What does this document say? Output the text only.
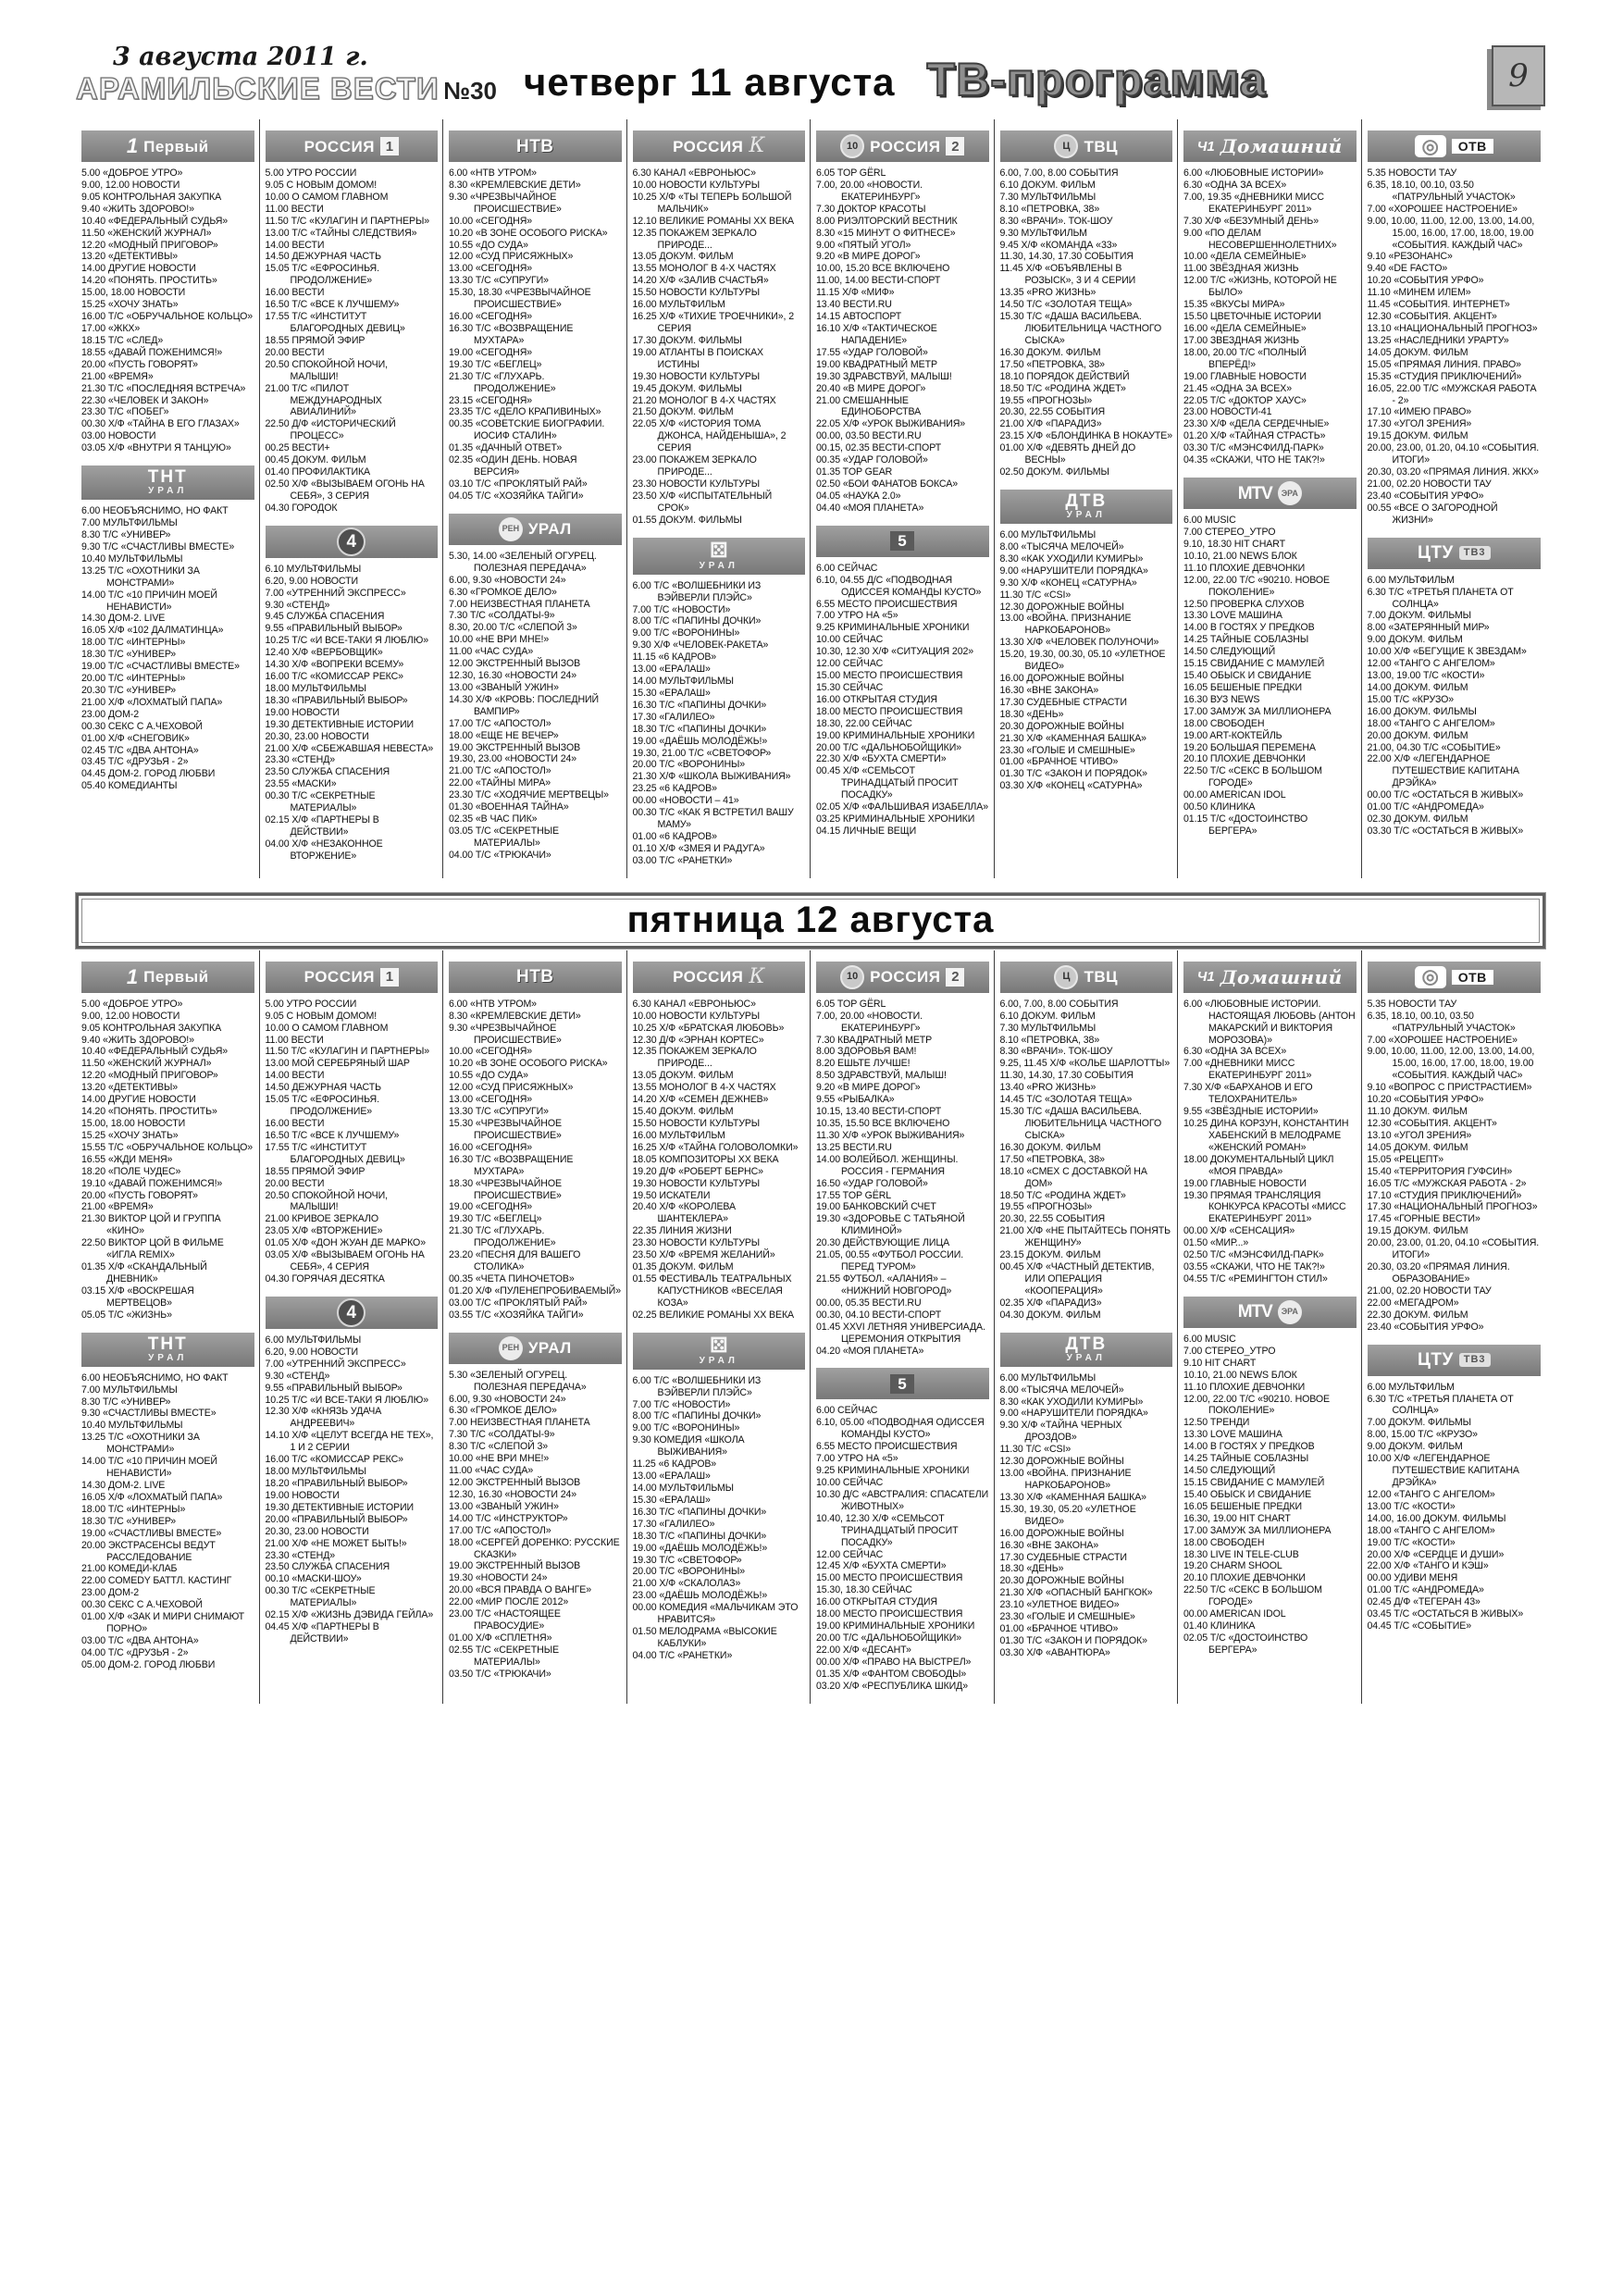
3 августа 2011 г.
АРАМИЛЬСКИЕ ВЕСТИ №30 четверг 11 августа ТВ-программа	9
1 Первый
5.00 «ДОБРОЕ УТРО»
9.00, 12.00 НОВОСТИ
9.05 КОНТРОЛЬНАЯ ЗАКУПКА
9.40 «ЖИТЬ ЗДОРОВО!»
10.40 «ФЕДЕРАЛЬНЫЙ СУДЬЯ»
11.50 «ЖЕНСКИЙ ЖУРНАЛ»
12.20 «МОДНЫЙ ПРИГОВОР»
13.20 «ДЕТЕКТИВЫ»
14.00 ДРУГИЕ НОВОСТИ
14.20 «ПОНЯТЬ. ПРОСТИТЬ»
15.00, 18.00 НОВОСТИ
15.25 «ХОЧУ ЗНАТЬ»
16.00 Т/С «ОБРУЧАЛЬНОЕ КОЛЬЦО»
17.00 «ЖКХ»
18.15 Т/С «СЛЕД»
18.55 «ДАВАЙ ПОЖЕНИМСЯ!»
20.00 «ПУСТЬ ГОВОРЯТ»
21.00 «ВРЕМЯ»
21.30 Т/С «ПОСЛЕДНЯЯ ВСТРЕЧА»
22.30 «ЧЕЛОВЕК И ЗАКОН»
23.30 Т/С «ПОБЕГ»
00.30 Х/Ф «ТАЙНА В ЕГО ГЛАЗАХ»
03.00 НОВОСТИ
03.05 Х/Ф «ВНУТРИ Я ТАНЦУЮ»
ТНТ
УРАЛ
6.00 НЕОБЪЯСНИМО, НО ФАКТ
7.00 МУЛЬТФИЛЬМЫ
8.30 Т/С «УНИВЕР»
9.30 Т/С «СЧАСТЛИВЫ ВМЕСТЕ»
10.40 МУЛЬТФИЛЬМЫ
13.25 Т/С «ОХОТНИКИ ЗА МОНСТРАМИ»
14.00 Т/С «10 ПРИЧИН МОЕЙ НЕНАВИСТИ»
14.30 ДОМ-2. LIVE
16.05 Х/Ф «102 ДАЛМАТИНЦА»
18.00 Т/С «ИНТЕРНЫ»
18.30 Т/С «УНИВЕР»
19.00 Т/С «СЧАСТЛИВЫ ВМЕСТЕ»
20.00 Т/С «ИНТЕРНЫ»
20.30 Т/С «УНИВЕР»
21.00 Х/Ф «ЛОХМАТЫЙ ПАПА»
23.00 ДОМ-2
00.30 СЕКС С А.ЧЕХОВОЙ
01.00 Х/Ф «СНЕГОВИК»
02.45 Т/С «ДВА АНТОНА»
03.45 Т/С «ДРУЗЬЯ - 2»
04.45 ДОМ-2. ГОРОД ЛЮБВИ
05.40 КОМЕДИАНТЫ
РОССИЯ 1
5.00 УТРО РОССИИ
9.05 С НОВЫМ ДОМОМ!
10.00 О САМОМ ГЛАВНОМ
11.00 ВЕСТИ
11.50 Т/С «КУЛАГИН И ПАРТНЕРЫ»
13.00 Т/С «ТАЙНЫ СЛЕДСТВИЯ»
14.00 ВЕСТИ
14.50 ДЕЖУРНАЯ ЧАСТЬ
15.05 Т/С «ЕФРОСИНЬЯ. ПРОДОЛЖЕНИЕ»
16.00 ВЕСТИ
16.50 Т/С «ВСЕ К ЛУЧШЕМУ»
17.55 Т/С «ИНСТИТУТ БЛАГОРОДНЫХ ДЕВИЦ»
18.55 ПРЯМОЙ ЭФИР
20.00 ВЕСТИ
20.50 СПОКОЙНОЙ НОЧИ, МАЛЫШИ!
21.00 Т/С «ПИЛОТ МЕЖДУНАРОДНЫХ АВИАЛИНИЙ»
22.50 Д/Ф «ИСТОРИЧЕСКИЙ ПРОЦЕСС»
00.25 ВЕСТИ+
00.45 ДОКУМ. ФИЛЬМ
01.40 ПРОФИЛАКТИКА
02.50 Х/Ф «ВЫЗЫВАЕМ ОГОНЬ НА СЕБЯ», 3 СЕРИЯ
04.30 ГОРОДОК
4
6.10 МУЛЬТФИЛЬМЫ
6.20, 9.00 НОВОСТИ
7.00 «УТРЕННИЙ ЭКСПРЕСС»
9.30 «СТЕНД»
9.45 СЛУЖБА СПАСЕНИЯ
9.55 «ПРАВИЛЬНЫЙ ВЫБОР»
10.25 Т/С «И ВСЕ-ТАКИ Я ЛЮБЛЮ»
12.40 Х/Ф «ВЕРБОВЩИК»
14.30 Х/Ф «ВОПРЕКИ ВСЕМУ»
16.00 Т/С «КОМИССАР РЕКС»
18.00 МУЛЬТФИЛЬМЫ
18.30 «ПРАВИЛЬНЫЙ ВЫБОР»
19.00 НОВОСТИ
19.30 ДЕТЕКТИВНЫЕ ИСТОРИИ
20.30, 23.00 НОВОСТИ
21.00 Х/Ф «СБЕЖАВШАЯ НЕВЕСТА»
23.30 «СТЕНД»
23.50 СЛУЖБА СПАСЕНИЯ
23.55 «МАСКИ»
00.30 Т/С «СЕКРЕТНЫЕ МАТЕРИАЛЫ»
02.15 Х/Ф «ПАРТНЕРЫ В ДЕЙСТВИИ»
04.00 Х/Ф «НЕЗАКОННОЕ ВТОРЖЕНИЕ»
НТВ
6.00 «НТВ УТРОМ»
8.30 «КРЕМЛЕВСКИЕ ДЕТИ»
9.30 «ЧРЕЗВЫЧАЙНОЕ ПРОИСШЕСТВИЕ»
10.00 «СЕГОДНЯ»
10.20 «В ЗОНЕ ОСОБОГО РИСКА»
10.55 «ДО СУДА»
12.00 «СУД ПРИСЯЖНЫХ»
13.00 «СЕГОДНЯ»
13.30 Т/С «СУПРУГИ»
15.30, 18.30 «ЧРЕЗВЫЧАЙНОЕ ПРОИСШЕСТВИЕ»
16.00 «СЕГОДНЯ»
16.30 Т/С «ВОЗВРАЩЕНИЕ МУХТАРА»
19.00 «СЕГОДНЯ»
19.30 Т/С «БЕГЛЕЦ»
21.30 Т/С «ГЛУХАРЬ. ПРОДОЛЖЕНИЕ»
23.15 «СЕГОДНЯ»
23.35 Т/С «ДЕЛО КРАПИВИНЫХ»
00.35 «СОВЕТСКИЕ БИОГРАФИИ. ИОСИФ СТАЛИН»
01.35 «ДАЧНЫЙ ОТВЕТ»
02.35 «ОДИН ДЕНЬ. НОВАЯ ВЕРСИЯ»
03.10 Т/С «ПРОКЛЯТЫЙ РАЙ»
04.05 Т/С «ХОЗЯЙКА ТАЙГИ»
РЕН УРАЛ
5.30, 14.00 «ЗЕЛЕНЫЙ ОГУРЕЦ. ПОЛЕЗНАЯ ПЕРЕДАЧА»
6.00, 9.30 «НОВОСТИ 24»
6.30 «ГРОМКОЕ ДЕЛО»
7.00 НЕИЗВЕСТНАЯ ПЛАНЕТА
7.30 Т/С «СОЛДАТЫ-9»
8.30, 20.00 Т/С «СЛЕПОЙ 3»
10.00 «НЕ ВРИ МНЕ!»
11.00 «ЧАС СУДА»
12.00 ЭКСТРЕННЫЙ ВЫЗОВ
12.30, 16.30 «НОВОСТИ 24»
13.00 «ЗВАНЫЙ УЖИН»
14.30 Х/Ф «КРОВЬ: ПОСЛЕДНИЙ ВАМПИР»
17.00 Т/С «АПОСТОЛ»
18.00 «ЕЩЕ НЕ ВЕЧЕР»
19.00 ЭКСТРЕННЫЙ ВЫЗОВ
19.30, 23.00 «НОВОСТИ 24»
21.00 Т/С «АПОСТОЛ»
22.00 «ТАЙНЫ МИРА»
23.30 Т/С «ХОДЯЧИЕ МЕРТВЕЦЫ»
01.30 «ВОЕННАЯ ТАЙНА»
02.35 «В ЧАС ПИК»
03.05 Т/С «СЕКРЕТНЫЕ МАТЕРИАЛЫ»
04.00 Т/С «ТРЮКАЧИ»
РОССИЯ К
6.30 КАНАЛ «ЕВРОНЬЮС»
10.00 НОВОСТИ КУЛЬТУРЫ
10.25 Х/Ф «ТЫ ТЕПЕРЬ БОЛЬШОЙ МАЛЬЧИК»
12.10 ВЕЛИКИЕ РОМАНЫ ХХ ВЕКА
12.35 ПОКАЖЕМ ЗЕРКАЛО ПРИРОДЕ...
13.05 ДОКУМ. ФИЛЬМ
13.55 МОНОЛОГ В 4-Х ЧАСТЯХ
14.20 Х/Ф «ЗАЛИВ СЧАСТЬЯ»
15.50 НОВОСТИ КУЛЬТУРЫ
16.00 МУЛЬТФИЛЬМ
16.25 Х/Ф «ТИХИЕ ТРОЕЧНИКИ», 2 СЕРИЯ
17.30 ДОКУМ. ФИЛЬМЫ
19.00 АТЛАНТЫ В ПОИСКАХ ИСТИНЫ
19.30 НОВОСТИ КУЛЬТУРЫ
19.45 ДОКУМ. ФИЛЬМЫ
21.20 МОНОЛОГ В 4-Х ЧАСТЯХ
21.50 ДОКУМ. ФИЛЬМ
22.05 Х/Ф «ИСТОРИЯ ТОМА ДЖОНСА, НАЙДЕНЫША», 2 СЕРИЯ
23.00 ПОКАЖЕМ ЗЕРКАЛО ПРИРОДЕ...
23.30 НОВОСТИ КУЛЬТУРЫ
23.50 Х/Ф «ИСПЫТАТЕЛЬНЫЙ СРОК»
01.55 ДОКУМ. ФИЛЬМЫ
⚄
УРАЛ
6.00 Т/С «ВОЛШЕБНИКИ ИЗ ВЭЙВЕРЛИ ПЛЭЙС»
7.00 Т/С «НОВОСТИ»
8.00 Т/С «ПАПИНЫ ДОЧКИ»
9.00 Т/С «ВОРОНИНЫ»
9.30 Х/Ф «ЧЕЛОВЕК-РАКЕТА»
11.15 «6 КАДРОВ»
13.00 «ЕРАЛАШ»
14.00 МУЛЬТФИЛЬМЫ
15.30 «ЕРАЛАШ»
16.30 Т/С «ПАПИНЫ ДОЧКИ»
17.30 «ГАЛИЛЕО»
18.30 Т/С «ПАПИНЫ ДОЧКИ»
19.00 «ДАЁШЬ МОЛОДЁЖЬ!»
19.30, 21.00 Т/С «СВЕТОФОР»
20.00 Т/С «ВОРОНИНЫ»
21.30 Х/Ф «ШКОЛА ВЫЖИВАНИЯ»
23.25 «6 КАДРОВ»
00.00 «НОВОСТИ – 41»
00.30 Т/С «КАК Я ВСТРЕТИЛ ВАШУ МАМУ»
01.00 «6 КАДРОВ»
01.10 Х/Ф «ЗМЕЯ И РАДУГА»
03.00 Т/С «РАНЕТКИ»
10 РОССИЯ 2
6.05 TOP GЁRL
7.00, 20.00 «НОВОСТИ. ЕКАТЕРИНБУРГ»
7.30 ДОКТОР КРАСОТЫ
8.00 РИЭЛТОРСКИЙ ВЕСТНИК
8.30 «15 МИНУТ О ФИТНЕСЕ»
9.00 «ПЯТЫЙ УГОЛ»
9.20 «В МИРЕ ДОРОГ»
10.00, 15.20 ВСЕ ВКЛЮЧЕНО
11.00, 14.00 ВЕСТИ-СПОРТ
11.15 Х/Ф «МИФ»
13.40 ВЕСТИ.RU
14.15 АВТОСПОРТ
16.10 Х/Ф «ТАКТИЧЕСКОЕ НАПАДЕНИЕ»
17.55 «УДАР ГОЛОВОЙ»
19.00 КВАДРАТНЫЙ МЕТР
19.30 ЗДРАВСТВУЙ, МАЛЫШ!
20.40 «В МИРЕ ДОРОГ»
21.00 СМЕШАННЫЕ ЕДИНОБОРСТВА
22.05 Х/Ф «УРОК ВЫЖИВАНИЯ»
00.00, 03.50 ВЕСТИ.RU
00.15, 02.35 ВЕСТИ-СПОРТ
00.35 «УДАР ГОЛОВОЙ»
01.35 TOP GEAR
02.50 «БОИ ФАНАТОВ БОКСА»
04.05 «НАУКА 2.0»
04.40 «МОЯ ПЛАНЕТА»
5
6.00 СЕЙЧАС
6.10, 04.55 Д/С «ПОДВОДНАЯ ОДИССЕЯ КОМАНДЫ КУСТО»
6.55 МЕСТО ПРОИСШЕСТВИЯ
7.00 УТРО НА «5»
9.25 КРИМИНАЛЬНЫЕ ХРОНИКИ
10.00 СЕЙЧАС
10.30, 12.30 Х/Ф «СИТУАЦИЯ 202»
12.00 СЕЙЧАС
15.00 МЕСТО ПРОИСШЕСТВИЯ
15.30 СЕЙЧАС
16.00 ОТКРЫТАЯ СТУДИЯ
18.00 МЕСТО ПРОИСШЕСТВИЯ
18.30, 22.00 СЕЙЧАС
19.00 КРИМИНАЛЬНЫЕ ХРОНИКИ
20.00 Т/С «ДАЛЬНОБОЙЩИКИ»
22.30 Х/Ф «БУХТА СМЕРТИ»
00.45 Х/Ф «СЕМЬСОТ ТРИНАДЦАТЫЙ ПРОСИТ ПОСАДКУ»
02.05 Х/Ф «ФАЛЬШИВАЯ ИЗАБЕЛЛА»
03.25 КРИМИНАЛЬНЫЕ ХРОНИКИ
04.15 ЛИЧНЫЕ ВЕЩИ
Ц ТВЦ
6.00, 7.00, 8.00 СОБЫТИЯ
6.10 ДОКУМ. ФИЛЬМ
7.30 МУЛЬТФИЛЬМЫ
8.10 «ПЕТРОВКА, 38»
8.30 «ВРАЧИ». ТОК-ШОУ
9.30 МУЛЬТФИЛЬМ
9.45 Х/Ф «КОМАНДА «33»
11.30, 14.30, 17.30 СОБЫТИЯ
11.45 Х/Ф «ОБЪЯВЛЕНЫ В РОЗЫСК», 3 И 4 СЕРИИ
13.35 «PRO ЖИЗНЬ»
14.50 Т/С «ЗОЛОТАЯ ТЕЩА»
15.30 Т/С «ДАША ВАСИЛЬЕВА. ЛЮБИТЕЛЬНИЦА ЧАСТНОГО СЫСКА»
16.30 ДОКУМ. ФИЛЬМ
17.50 «ПЕТРОВКА, 38»
18.10 ПОРЯДОК ДЕЙСТВИЙ
18.50 Т/С «РОДИНА ЖДЕТ»
19.55 «ПРОГНОЗЫ»
20.30, 22.55 СОБЫТИЯ
21.00 Х/Ф «ПАРАДИЗ»
23.15 Х/Ф «БЛОНДИНКА В НОКАУТЕ»
01.00 Х/Ф «ДЕВЯТЬ ДНЕЙ ДО ВЕСНЫ»
02.50 ДОКУМ. ФИЛЬМЫ
ДТВ
УРАЛ
6.00 МУЛЬТФИЛЬМЫ
8.00 «ТЫСЯЧА МЕЛОЧЕЙ»
8.30 «КАК УХОДИЛИ КУМИРЫ»
9.00 «НАРУШИТЕЛИ ПОРЯДКА»
9.30 Х/Ф «КОНЕЦ «САТУРНА»
11.30 Т/С «CSI»
12.30 ДОРОЖНЫЕ ВОЙНЫ
13.00 «ВОЙНА. ПРИЗНАНИЕ НАРКОБАРОНОВ»
13.30 Х/Ф «ЧЕЛОВЕК ПОЛУНОЧИ»
15.20, 19.30, 00.30, 05.10 «УЛЕТНОЕ ВИДЕО»
16.00 ДОРОЖНЫЕ ВОЙНЫ
16.30 «ВНЕ ЗАКОНА»
17.30 СУДЕБНЫЕ СТРАСТИ
18.30 «ДЕНЬ»
20.30 ДОРОЖНЫЕ ВОЙНЫ
21.30 Х/Ф «КАМЕННАЯ БАШКА»
23.30 «ГОЛЫЕ И СМЕШНЫЕ»
01.00 «БРАЧНОЕ ЧТИВО»
01.30 Т/С «ЗАКОН И ПОРЯДОК»
03.30 Х/Ф «КОНЕЦ «САТУРНА»
Ч1 Домашний
6.00 «ЛЮБОВНЫЕ ИСТОРИИ»
6.30 «ОДНА ЗА ВСЕХ»
7.00, 19.35 «ДНЕВНИКИ МИСС ЕКАТЕРИНБУРГ 2011»
7.30 Х/Ф «БЕЗУМНЫЙ ДЕНЬ»
9.00 «ПО ДЕЛАМ НЕСОВЕРШЕННОЛЕТНИХ»
10.00 «ДЕЛА СЕМЕЙНЫЕ»
11.00 ЗВЁЗДНАЯ ЖИЗНЬ
12.00 Т/С «ЖИЗНЬ, КОТОРОЙ НЕ БЫЛО»
15.35 «ВКУСЫ МИРА»
15.50 ЦВЕТОЧНЫЕ ИСТОРИИ
16.00 «ДЕЛА СЕМЕЙНЫЕ»
17.00 ЗВЕЗДНАЯ ЖИЗНЬ
18.00, 20.00 Т/С «ПОЛНЫЙ ВПЕРЁД!»
19.00 ГЛАВНЫЕ НОВОСТИ
21.45 «ОДНА ЗА ВСЕХ»
22.05 Т/С «ДОКТОР ХАУС»
23.00 НОВОСТИ-41
23.30 Х/Ф «ДЕЛА СЕРДЕЧНЫЕ»
01.20 Х/Ф «ТАЙНАЯ СТРАСТЬ»
03.30 Т/С «МЭНСФИЛД-ПАРК»
04.35 «СКАЖИ, ЧТО НЕ ТАК?!»
MTV	ЭРА
6.00 MUSIC
7.00 СТЕРЕО_УТРО
9.10, 18.30 HIT CHART
10.10, 21.00 NEWS БЛОК
11.10 ПЛОХИЕ ДЕВЧОНКИ
12.00, 22.00 Т/С «90210. НОВОЕ ПОКОЛЕНИЕ»
12.50 ПРОВЕРКА СЛУХОВ
13.30 LOVE МАШИНА
14.00 В ГОСТЯХ У ПРЕДКОВ
14.25 ТАЙНЫЕ СОБЛАЗНЫ
14.50 СЛЕДУЮЩИЙ
15.15 СВИДАНИЕ С МАМУЛЕЙ
15.40 ОБЫСК И СВИДАНИЕ
16.05 БЕШЕНЫЕ ПРЕДКИ
16.30 ВУЗ NEWS
17.00 ЗАМУЖ ЗА МИЛЛИОНЕРА
18.00 СВОБОДЕН
19.00 ART-КОКТЕЙЛЬ
19.20 БОЛЬШАЯ ПЕРЕМЕНА
20.10 ПЛОХИЕ ДЕВЧОНКИ
22.50 Т/С «СЕКС В БОЛЬШОМ ГОРОДЕ»
00.00 AMERICAN IDOL
00.50 КЛИНИКА
01.15 Т/С «ДОСТОИНСТВО БЕРГЕРА»
◎	ОТВ
5.35 НОВОСТИ ТАУ
6.35, 18.10, 00.10, 03.50 «ПАТРУЛЬНЫЙ УЧАСТОК»
7.00 «ХОРОШЕЕ НАСТРОЕНИЕ»
9.00, 10.00, 11.00, 12.00, 13.00, 14.00, 15.00, 16.00, 17.00, 18.00, 19.00 «СОБЫТИЯ. КАЖДЫЙ ЧАС»
9.10 «РЕЗОНАНС»
9.40 «DE FACTO»
10.20 «СОБЫТИЯ УРФО»
11.10 «МИНЕМ ИЛЕМ»
11.45 «СОБЫТИЯ. ИНТЕРНЕТ»
12.30 «СОБЫТИЯ. АКЦЕНТ»
13.10 «НАЦИОНАЛЬНЫЙ ПРОГНОЗ»
13.25 «НАСЛЕДНИКИ УРАРТУ»
14.05 ДОКУМ. ФИЛЬМ
15.05 «ПРЯМАЯ ЛИНИЯ. ПРАВО»
15.35 «СТУДИЯ ПРИКЛЮЧЕНИЙ»
16.05, 22.00 Т/С «МУЖСКАЯ РАБОТА - 2»
17.10 «ИМЕЮ ПРАВО»
17.30 «УГОЛ ЗРЕНИЯ»
19.15 ДОКУМ. ФИЛЬМ
20.00, 23.00, 01.20, 04.10 «СОБЫТИЯ. ИТОГИ»
20.30, 03.20 «ПРЯМАЯ ЛИНИЯ. ЖКХ»
21.00, 02.20 НОВОСТИ ТАУ
23.40 «СОБЫТИЯ УРФО»
00.55 «ВСЕ О ЗАГОРОДНОЙ ЖИЗНИ»
ЦТУ	ТВ3
6.00 МУЛЬТФИЛЬМ
6.30 Т/С «ТРЕТЬЯ ПЛАНЕТА ОТ СОЛНЦА»
7.00 ДОКУМ. ФИЛЬМЫ
8.00 «ЗАТЕРЯННЫЙ МИР»
9.00 ДОКУМ. ФИЛЬМ
10.00 Х/Ф «БЕГУЩИЕ К ЗВЕЗДАМ»
12.00 «ТАНГО С АНГЕЛОМ»
13.00, 19.00 Т/С «КОСТИ»
14.00 ДОКУМ. ФИЛЬМ
15.00 Т/С «КРУЗО»
16.00 ДОКУМ. ФИЛЬМЫ
18.00 «ТАНГО С АНГЕЛОМ»
20.00 ДОКУМ. ФИЛЬМ
21.00, 04.30 Т/С «СОБЫТИЕ»
22.00 Х/Ф «ЛЕГЕНДАРНОЕ ПУТЕШЕСТВИЕ КАПИТАНА ДРЭЙКА»
00.00 Т/С «ОСТАТЬСЯ В ЖИВЫХ»
01.00 Т/С «АНДРОМЕДА»
02.30 ДОКУМ. ФИЛЬМ
03.30 Т/С «ОСТАТЬСЯ В ЖИВЫХ»
пятница 12 августа
1 Первый
5.00 «ДОБРОЕ УТРО»
9.00, 12.00 НОВОСТИ
9.05 КОНТРОЛЬНАЯ ЗАКУПКА
9.40 «ЖИТЬ ЗДОРОВО!»
10.40 «ФЕДЕРАЛЬНЫЙ СУДЬЯ»
11.50 «ЖЕНСКИЙ ЖУРНАЛ»
12.20 «МОДНЫЙ ПРИГОВОР»
13.20 «ДЕТЕКТИВЫ»
14.00 ДРУГИЕ НОВОСТИ
14.20 «ПОНЯТЬ. ПРОСТИТЬ»
15.00, 18.00 НОВОСТИ
15.25 «ХОЧУ ЗНАТЬ»
15.55 Т/С «ОБРУЧАЛЬНОЕ КОЛЬЦО»
16.55 «ЖДИ МЕНЯ»
18.20 «ПОЛЕ ЧУДЕС»
19.10 «ДАВАЙ ПОЖЕНИМСЯ!»
20.00 «ПУСТЬ ГОВОРЯТ»
21.00 «ВРЕМЯ»
21.30 ВИКТОР ЦОЙ И ГРУППА «КИНО»
22.50 ВИКТОР ЦОЙ В ФИЛЬМЕ «ИГЛА REMIX»
01.35 Х/Ф «СКАНДАЛЬНЫЙ ДНЕВНИК»
03.15 Х/Ф «ВОСКРЕШАЯ МЕРТВЕЦОВ»
05.05 Т/С «ЖИЗНЬ»
ТНТ
УРАЛ
6.00 НЕОБЪЯСНИМО, НО ФАКТ
7.00 МУЛЬТФИЛЬМЫ
8.30 Т/С «УНИВЕР»
9.30 «СЧАСТЛИВЫ ВМЕСТЕ»
10.40 МУЛЬТФИЛЬМЫ
13.25 Т/С «ОХОТНИКИ ЗА МОНСТРАМИ»
14.00 Т/С «10 ПРИЧИН МОЕЙ НЕНАВИСТИ»
14.30 ДОМ-2. LIVE
16.05 Х/Ф «ЛОХМАТЫЙ ПАПА»
18.00 Т/С «ИНТЕРНЫ»
18.30 Т/С «УНИВЕР»
19.00 «СЧАСТЛИВЫ ВМЕСТЕ»
20.00 ЭКСТРАСЕНСЫ ВЕДУТ РАССЛЕДОВАНИЕ
21.00 КОМЕДИ-КЛАБ
22.00 COMEDY БАТТЛ. КАСТИНГ
23.00 ДОМ-2
00.30 СЕКС С А.ЧЕХОВОЙ
01.00 Х/Ф «ЗАК И МИРИ СНИМАЮТ ПОРНО»
03.00 Т/С «ДВА АНТОНА»
04.00 Т/С «ДРУЗЬЯ - 2»
05.00 ДОМ-2. ГОРОД ЛЮБВИ
РОССИЯ 1
5.00 УТРО РОССИИ
9.05 С НОВЫМ ДОМОМ!
10.00 О САМОМ ГЛАВНОМ
11.00 ВЕСТИ
11.50 Т/С «КУЛАГИН И ПАРТНЕРЫ»
13.00 МОЙ СЕРЕБРЯНЫЙ ШАР
14.00 ВЕСТИ
14.50 ДЕЖУРНАЯ ЧАСТЬ
15.05 Т/С «ЕФРОСИНЬЯ. ПРОДОЛЖЕНИЕ»
16.00 ВЕСТИ
16.50 Т/С «ВСЕ К ЛУЧШЕМУ»
17.55 Т/С «ИНСТИТУТ БЛАГОРОДНЫХ ДЕВИЦ»
18.55 ПРЯМОЙ ЭФИР
20.00 ВЕСТИ
20.50 СПОКОЙНОЙ НОЧИ, МАЛЫШИ!
21.00 КРИВОЕ ЗЕРКАЛО
23.05 Х/Ф «ВТОРЖЕНИЕ»
01.05 Х/Ф «ДОН ЖУАН ДЕ МАРКО»
03.05 Х/Ф «ВЫЗЫВАЕМ ОГОНЬ НА СЕБЯ», 4 СЕРИЯ
04.30 ГОРЯЧАЯ ДЕСЯТКА
4
6.00 МУЛЬТФИЛЬМЫ
6.20, 9.00 НОВОСТИ
7.00 «УТРЕННИЙ ЭКСПРЕСС»
9.30 «СТЕНД»
9.55 «ПРАВИЛЬНЫЙ ВЫБОР»
10.25 Т/С «И ВСЕ-ТАКИ Я ЛЮБЛЮ»
12.30 Х/Ф «КНЯЗЬ УДАЧА АНДРЕЕВИЧ»
14.10 Х/Ф «ЦЕЛУТ ВСЕГДА НЕ ТЕХ», 1 И 2 СЕРИИ
16.00 Т/С «КОМИССАР РЕКС»
18.00 МУЛЬТФИЛЬМЫ
18.20 «ПРАВИЛЬНЫЙ ВЫБОР»
19.00 НОВОСТИ
19.30 ДЕТЕКТИВНЫЕ ИСТОРИИ
20.00 «ПРАВИЛЬНЫЙ ВЫБОР»
20.30, 23.00 НОВОСТИ
21.00 Х/Ф «НЕ МОЖЕТ БЫТЬ!»
23.30 «СТЕНД»
23.50 СЛУЖБА СПАСЕНИЯ
00.10 «МАСКИ-ШОУ»
00.30 Т/С «СЕКРЕТНЫЕ МАТЕРИАЛЫ»
02.15 Х/Ф «ЖИЗНЬ ДЭВИДА ГЕЙЛА»
04.45 Х/Ф «ПАРТНЕРЫ В ДЕЙСТВИИ»
НТВ
6.00 «НТВ УТРОМ»
8.30 «КРЕМЛЕВСКИЕ ДЕТИ»
9.30 «ЧРЕЗВЫЧАЙНОЕ ПРОИСШЕСТВИЕ»
10.00 «СЕГОДНЯ»
10.20 «В ЗОНЕ ОСОБОГО РИСКА»
10.55 «ДО СУДА»
12.00 «СУД ПРИСЯЖНЫХ»
13.00 «СЕГОДНЯ»
13.30 Т/С «СУПРУГИ»
15.30 «ЧРЕЗВЫЧАЙНОЕ ПРОИСШЕСТВИЕ»
16.00 «СЕГОДНЯ»
16.30 Т/С «ВОЗВРАЩЕНИЕ МУХТАРА»
18.30 «ЧРЕЗВЫЧАЙНОЕ ПРОИСШЕСТВИЕ»
19.00 «СЕГОДНЯ»
19.30 Т/С «БЕГЛЕЦ»
21.30 Т/С «ГЛУХАРЬ. ПРОДОЛЖЕНИЕ»
23.20 «ПЕСНЯ ДЛЯ ВАШЕГО СТОЛИКА»
00.35 «ЧЕТА ПИНОЧЕТОВ»
01.20 Х/Ф «ПУЛЕНЕПРОБИВАЕМЫЙ»
03.00 Т/С «ПРОКЛЯТЫЙ РАЙ»
03.55 Т/С «ХОЗЯЙКА ТАЙГИ»
РЕН УРАЛ
5.30 «ЗЕЛЕНЫЙ ОГУРЕЦ. ПОЛЕЗНАЯ ПЕРЕДАЧА»
6.00, 9.30 «НОВОСТИ 24»
6.30 «ГРОМКОЕ ДЕЛО»
7.00 НЕИЗВЕСТНАЯ ПЛАНЕТА
7.30 Т/С «СОЛДАТЫ-9»
8.30 Т/С «СЛЕПОЙ 3»
10.00 «НЕ ВРИ МНЕ!»
11.00 «ЧАС СУДА»
12.00 ЭКСТРЕННЫЙ ВЫЗОВ
12.30, 16.30 «НОВОСТИ 24»
13.00 «ЗВАНЫЙ УЖИН»
14.00 Т/С «ИНСТРУКТОР»
17.00 Т/С «АПОСТОЛ»
18.00 «СЕРГЕЙ ДОРЕНКО: РУССКИЕ СКАЗКИ»
19.00 ЭКСТРЕННЫЙ ВЫЗОВ
19.30 «НОВОСТИ 24»
20.00 «ВСЯ ПРАВДА О ВАНГЕ»
22.00 «МИР ПОСЛЕ 2012»
23.00 Т/С «НАСТОЯЩЕЕ ПРАВОСУДИЕ»
01.00 Х/Ф «СПЛЕТНЯ»
02.55 Т/С «СЕКРЕТНЫЕ МАТЕРИАЛЫ»
03.50 Т/С «ТРЮКАЧИ»
РОССИЯ К
6.30 КАНАЛ «ЕВРОНЬЮС»
10.00 НОВОСТИ КУЛЬТУРЫ
10.25 Х/Ф «БРАТСКАЯ ЛЮБОВЬ»
12.30 Д/Ф «ЭРНАН КОРТЕС»
12.35 ПОКАЖЕМ ЗЕРКАЛО ПРИРОДЕ...
13.05 ДОКУМ. ФИЛЬМ
13.55 МОНОЛОГ В 4-Х ЧАСТЯХ
14.20 Х/Ф «СЕМЕН ДЕЖНЕВ»
15.40 ДОКУМ. ФИЛЬМ
15.50 НОВОСТИ КУЛЬТУРЫ
16.00 МУЛЬТФИЛЬМ
16.25 Х/Ф «ТАЙНА ГОЛОВОЛОМКИ»
18.05 КОМПОЗИТОРЫ ХХ ВЕКА
19.20 Д/Ф «РОБЕРТ БЕРНС»
19.30 НОВОСТИ КУЛЬТУРЫ
19.50 ИСКАТЕЛИ
20.40 Х/Ф «КОРОЛЕВА ШАНТЕКЛЕРА»
22.35 ЛИНИЯ ЖИЗНИ
23.30 НОВОСТИ КУЛЬТУРЫ
23.50 Х/Ф «ВРЕМЯ ЖЕЛАНИЙ»
01.35 ДОКУМ. ФИЛЬМ
01.55 ФЕСТИВАЛЬ ТЕАТРАЛЬНЫХ КАПУСТНИКОВ «ВЕСЕЛАЯ КОЗА»
02.25 ВЕЛИКИЕ РОМАНЫ ХХ ВЕКА
⚄
УРАЛ
6.00 Т/С «ВОЛШЕБНИКИ ИЗ ВЭЙВЕРЛИ ПЛЭЙС»
7.00 Т/С «НОВОСТИ»
8.00 Т/С «ПАПИНЫ ДОЧКИ»
9.00 Т/С «ВОРОНИНЫ»
9.30 КОМЕДИЯ «ШКОЛА ВЫЖИВАНИЯ»
11.25 «6 КАДРОВ»
13.00 «ЕРАЛАШ»
14.00 МУЛЬТФИЛЬМЫ
15.30 «ЕРАЛАШ»
16.30 Т/С «ПАПИНЫ ДОЧКИ»
17.30 «ГАЛИЛЕО»
18.30 Т/С «ПАПИНЫ ДОЧКИ»
19.00 «ДАЁШЬ МОЛОДЁЖЬ!»
19.30 Т/С «СВЕТОФОР»
20.00 Т/С «ВОРОНИНЫ»
21.00 Х/Ф «СКАЛОЛАЗ»
23.00 «ДАЁШЬ МОЛОДЁЖЬ!»
00.00 КОМЕДИЯ «МАЛЬЧИКАМ ЭТО НРАВИТСЯ»
01.50 МЕЛОДРАМА «ВЫСОКИЕ КАБЛУКИ»
04.00 Т/С «РАНЕТКИ»
10 РОССИЯ 2
6.05 TOP GЁRL
7.00, 20.00 «НОВОСТИ. ЕКАТЕРИНБУРГ»
7.30 КВАДРАТНЫЙ МЕТР
8.00 ЗДОРОВЬЯ ВАМ!
8.20 ЕШЬТЕ ЛУЧШЕ!
8.50 ЗДРАВСТВУЙ, МАЛЫШ!
9.20 «В МИРЕ ДОРОГ»
9.55 «РЫБАЛКА»
10.15, 13.40 ВЕСТИ-СПОРТ
10.35, 15.50 ВСЕ ВКЛЮЧЕНО
11.30 Х/Ф «УРОК ВЫЖИВАНИЯ»
13.25 ВЕСТИ.RU
14.00 ВОЛЕЙБОЛ. ЖЕНЩИНЫ. РОССИЯ - ГЕРМАНИЯ
16.50 «УДАР ГОЛОВОЙ»
17.55 TOP GЁRL
19.00 БАНКОВСКИЙ СЧЕТ
19.30 «ЗДОРОВЬЕ С ТАТЬЯНОЙ КЛИМИНОЙ»
20.30 ДЕЙСТВУЮЩИЕ ЛИЦА
21.05, 00.55 «ФУТБОЛ РОССИИ. ПЕРЕД ТУРОМ»
21.55 ФУТБОЛ. «АЛАНИЯ» – «НИЖНИЙ НОВГОРОД»
00.00, 05.35 ВЕСТИ.RU
00.30, 04.10 ВЕСТИ-СПОРТ
01.45 XXVI ЛЕТНЯЯ УНИВЕРСИАДА. ЦЕРЕМОНИЯ ОТКРЫТИЯ
04.20 «МОЯ ПЛАНЕТА»
5
6.00 СЕЙЧАС
6.10, 05.00 «ПОДВОДНАЯ ОДИССЕЯ КОМАНДЫ КУСТО»
6.55 МЕСТО ПРОИСШЕСТВИЯ
7.00 УТРО НА «5»
9.25 КРИМИНАЛЬНЫЕ ХРОНИКИ
10.00 СЕЙЧАС
10.30 Д/С «АВСТРАЛИЯ: СПАСАТЕЛИ ЖИВОТНЫХ»
10.40, 12.30 Х/Ф «СЕМЬСОТ ТРИНАДЦАТЫЙ ПРОСИТ ПОСАДКУ»
12.00 СЕЙЧАС
12.45 Х/Ф «БУХТА СМЕРТИ»
15.00 МЕСТО ПРОИСШЕСТВИЯ
15.30, 18.30 СЕЙЧАС
16.00 ОТКРЫТАЯ СТУДИЯ
18.00 МЕСТО ПРОИСШЕСТВИЯ
19.00 КРИМИНАЛЬНЫЕ ХРОНИКИ
20.00 Т/С «ДАЛЬНОБОЙЩИКИ»
22.00 Х/Ф «ДЕСАНТ»
00.00 Х/Ф «ПРАВО НА ВЫСТРЕЛ»
01.35 Х/Ф «ФАНТОМ СВОБОДЫ»
03.20 Х/Ф «РЕСПУБЛИКА ШКИД»
Ц ТВЦ
6.00, 7.00, 8.00 СОБЫТИЯ
6.10 ДОКУМ. ФИЛЬМ
7.30 МУЛЬТФИЛЬМЫ
8.10 «ПЕТРОВКА, 38»
8.30 «ВРАЧИ». ТОК-ШОУ
9.25, 11.45 Х/Ф «КОЛЬЕ ШАРЛОТТЫ»
11.30, 14.30, 17.30 СОБЫТИЯ
13.40 «PRO ЖИЗНЬ»
14.45 Т/С «ЗОЛОТАЯ ТЕЩА»
15.30 Т/С «ДАША ВАСИЛЬЕВА. ЛЮБИТЕЛЬНИЦА ЧАСТНОГО СЫСКА»
16.30 ДОКУМ. ФИЛЬМ
17.50 «ПЕТРОВКА, 38»
18.10 «СМЕХ С ДОСТАВКОЙ НА ДОМ»
18.50 Т/С «РОДИНА ЖДЕТ»
19.55 «ПРОГНОЗЫ»
20.30, 22.55 СОБЫТИЯ
21.00 Х/Ф «НЕ ПЫТАЙТЕСЬ ПОНЯТЬ ЖЕНЩИНУ»
23.15 ДОКУМ. ФИЛЬМ
00.45 Х/Ф «ЧАСТНЫЙ ДЕТЕКТИВ, ИЛИ ОПЕРАЦИЯ «КООПЕРАЦИЯ»
02.35 Х/Ф «ПАРАДИЗ»
04.30 ДОКУМ. ФИЛЬМ
ДТВ
УРАЛ
6.00 МУЛЬТФИЛЬМЫ
8.00 «ТЫСЯЧА МЕЛОЧЕЙ»
8.30 «КАК УХОДИЛИ КУМИРЫ»
9.00 «НАРУШИТЕЛИ ПОРЯДКА»
9.30 Х/Ф «ТАЙНА ЧЕРНЫХ ДРОЗДОВ»
11.30 Т/С «CSI»
12.30 ДОРОЖНЫЕ ВОЙНЫ
13.00 «ВОЙНА. ПРИЗНАНИЕ НАРКОБАРОНОВ»
13.30 Х/Ф «КАМЕННАЯ БАШКА»
15.30, 19.30, 05.20 «УЛЕТНОЕ ВИДЕО»
16.00 ДОРОЖНЫЕ ВОЙНЫ
16.30 «ВНЕ ЗАКОНА»
17.30 СУДЕБНЫЕ СТРАСТИ
18.30 «ДЕНЬ»
20.30 ДОРОЖНЫЕ ВОЙНЫ
21.30 Х/Ф «ОПАСНЫЙ БАНГКОК»
23.10 «УЛЕТНОЕ ВИДЕО»
23.30 «ГОЛЫЕ И СМЕШНЫЕ»
01.00 «БРАЧНОЕ ЧТИВО»
01.30 Т/С «ЗАКОН И ПОРЯДОК»
03.30 Х/Ф «АВАНТЮРА»
Ч1 Домашний
6.00 «ЛЮБОВНЫЕ ИСТОРИИ. НАСТОЯЩАЯ ЛЮБОВЬ (АНТОН МАКАРСКИЙ И ВИКТОРИЯ МОРОЗОВА)»
6.30 «ОДНА ЗА ВСЕХ»
7.00 «ДНЕВНИКИ МИСС ЕКАТЕРИНБУРГ 2011»
7.30 Х/Ф «БАРХАНОВ И ЕГО ТЕЛОХРАНИТЕЛЬ»
9.55 «ЗВЁЗДНЫЕ ИСТОРИИ»
10.25 ДИНА КОРЗУН, КОНСТАНТИН ХАБЕНСКИЙ В МЕЛОДРАМЕ «ЖЕНСКИЙ РОМАН»
18.00 ДОКУМЕНТАЛЬНЫЙ ЦИКЛ «МОЯ ПРАВДА»
19.00 ГЛАВНЫЕ НОВОСТИ
19.30 ПРЯМАЯ ТРАНСЛЯЦИЯ КОНКУРСА КРАСОТЫ «МИСС ЕКАТЕРИНБУРГ 2011»
00.00 Х/Ф «СЕНСАЦИЯ»
01.50 «МИР...»
02.50 Т/С «МЭНСФИЛД-ПАРК»
03.55 «СКАЖИ, ЧТО НЕ ТАК?!»
04.55 Т/С «РЕМИНГТОН СТИЛ»
MTV	ЭРА
6.00 MUSIC
7.00 СТЕРЕО_УТРО
9.10 HIT CHART
10.10, 21.00 NEWS БЛОК
11.10 ПЛОХИЕ ДЕВЧОНКИ
12.00, 22.00 Т/С «90210. НОВОЕ ПОКОЛЕНИЕ»
12.50 ТРЕНДИ
13.30 LOVE МАШИНА
14.00 В ГОСТЯХ У ПРЕДКОВ
14.25 ТАЙНЫЕ СОБЛАЗНЫ
14.50 СЛЕДУЮЩИЙ
15.15 СВИДАНИЕ С МАМУЛЕЙ
15.40 ОБЫСК И СВИДАНИЕ
16.05 БЕШЕНЫЕ ПРЕДКИ
16.30, 19.00 HIT CHART
17.00 ЗАМУЖ ЗА МИЛЛИОНЕРА
18.00 СВОБОДЕН
18.30 LIVE IN TELE-CLUB
19.20 CHARM SHOOL
20.10 ПЛОХИЕ ДЕВЧОНКИ
22.50 Т/С «СЕКС В БОЛЬШОМ ГОРОДЕ»
00.00 AMERICAN IDOL
01.40 КЛИНИКА
02.05 Т/С «ДОСТОИНСТВО БЕРГЕРА»
◎	ОТВ
5.35 НОВОСТИ ТАУ
6.35, 18.10, 00.10, 03.50 «ПАТРУЛЬНЫЙ УЧАСТОК»
7.00 «ХОРОШЕЕ НАСТРОЕНИЕ»
9.00, 10.00, 11.00, 12.00, 13.00, 14.00, 15.00, 16.00, 17.00, 18.00, 19.00 «СОБЫТИЯ. КАЖДЫЙ ЧАС»
9.10 «ВОПРОС С ПРИСТРАСТИЕМ»
10.20 «СОБЫТИЯ УРФО»
11.10 ДОКУМ. ФИЛЬМ
12.30 «СОБЫТИЯ. АКЦЕНТ»
13.10 «УГОЛ ЗРЕНИЯ»
14.05 ДОКУМ. ФИЛЬМ
15.05 «РЕЦЕПТ»
15.40 «ТЕРРИТОРИЯ ГУФСИН»
16.05 Т/С «МУЖСКАЯ РАБОТА - 2»
17.10 «СТУДИЯ ПРИКЛЮЧЕНИЙ»
17.30 «НАЦИОНАЛЬНЫЙ ПРОГНОЗ»
17.45 «ГОРНЫЕ ВЕСТИ»
19.15 ДОКУМ. ФИЛЬМ
20.00, 23.00, 01.20, 04.10 «СОБЫТИЯ. ИТОГИ»
20.30, 03.20 «ПРЯМАЯ ЛИНИЯ. ОБРАЗОВАНИЕ»
21.00, 02.20 НОВОСТИ ТАУ
22.00 «МЕГАДРОМ»
22.30 ДОКУМ. ФИЛЬМ
23.40 «СОБЫТИЯ УРФО»
ЦТУ	ТВ3
6.00 МУЛЬТФИЛЬМ
6.30 Т/С «ТРЕТЬЯ ПЛАНЕТА ОТ СОЛНЦА»
7.00 ДОКУМ. ФИЛЬМЫ
8.00, 15.00 Т/С «КРУЗО»
9.00 ДОКУМ. ФИЛЬМ
10.00 Х/Ф «ЛЕГЕНДАРНОЕ ПУТЕШЕСТВИЕ КАПИТАНА ДРЭЙКА»
12.00 «ТАНГО С АНГЕЛОМ»
13.00 Т/С «КОСТИ»
14.00, 16.00 ДОКУМ. ФИЛЬМЫ
18.00 «ТАНГО С АНГЕЛОМ»
19.00 Т/С «КОСТИ»
20.00 Х/Ф «СЕРДЦЕ И ДУШИ»
22.00 Х/Ф «ТАНГО И КЭШ»
00.00 УДИВИ МЕНЯ
01.00 Т/С «АНДРОМЕДА»
02.45 Д/Ф «ТЕГЕРАН 43»
03.45 Т/С «ОСТАТЬСЯ В ЖИВЫХ»
04.45 Т/С «СОБЫТИЕ»
